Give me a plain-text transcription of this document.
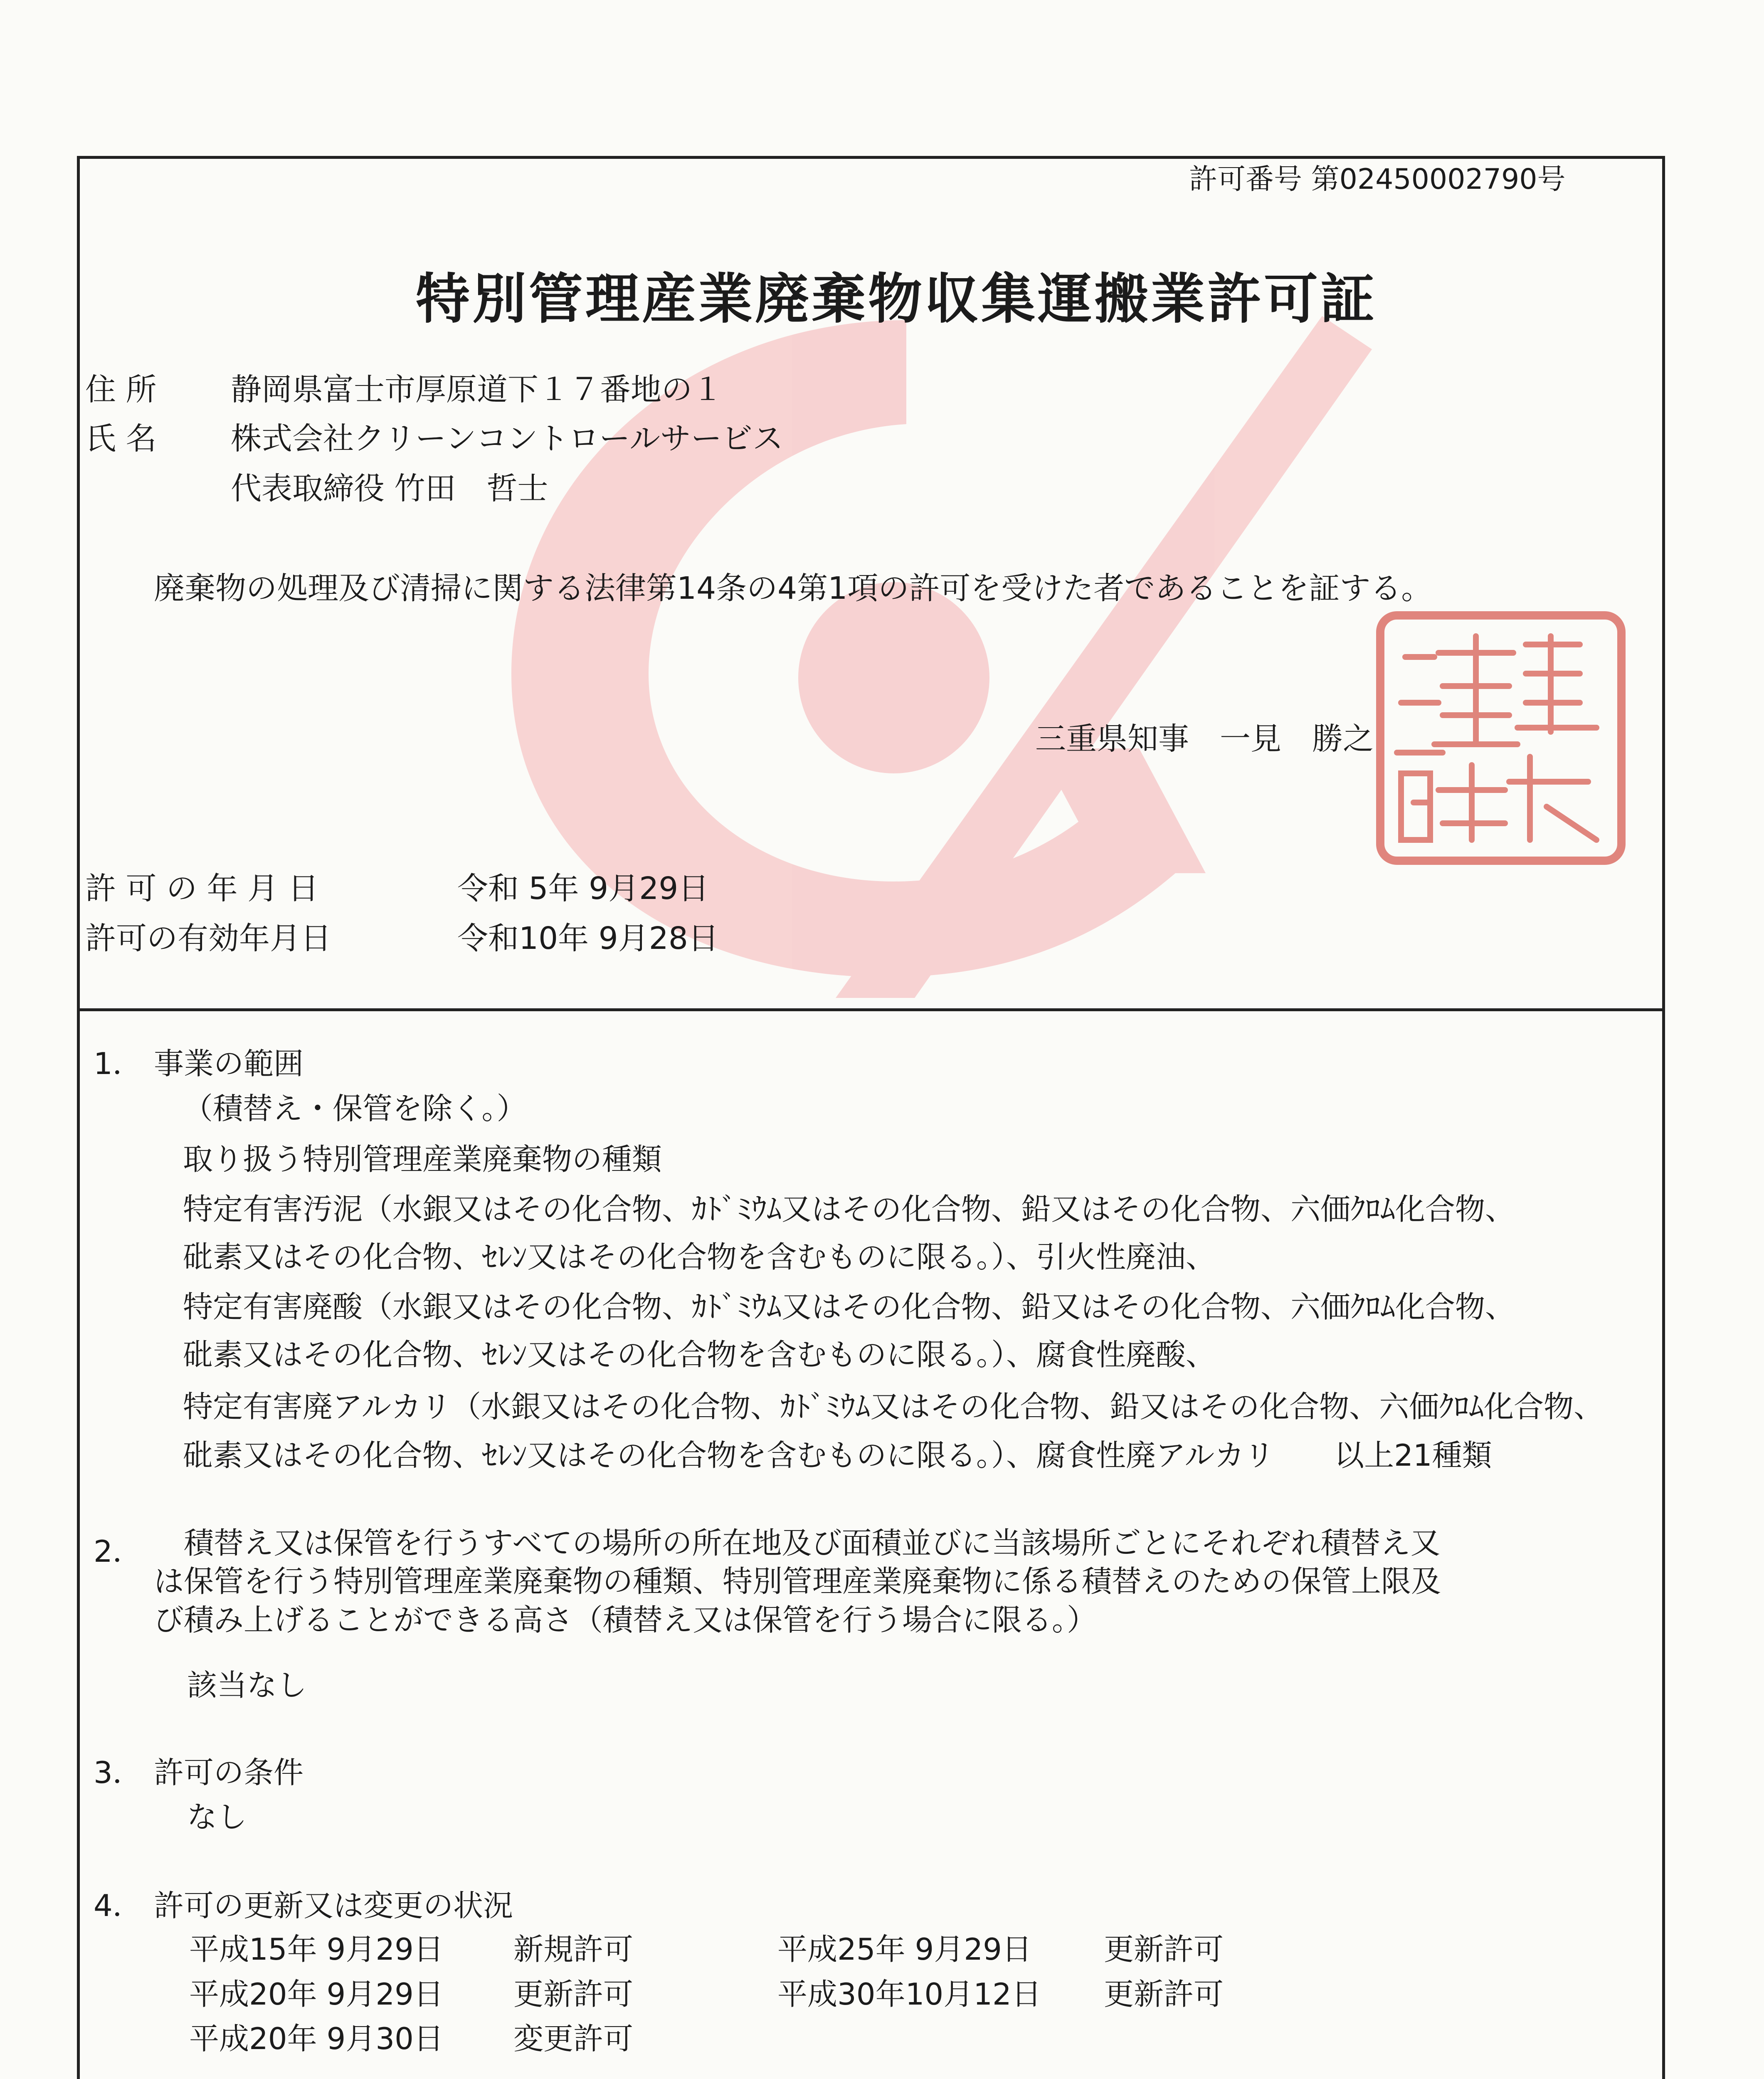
許可番号 第02450002790号
特別管理産業廃棄物収集運搬業許可証
住 所 静岡県富士市厚原道下１７番地の１
氏 名 株式会社クリーンコントロールサービス
代表取締役 竹田　哲士
廃棄物の処理及び清掃に関する法律第14条の4第1項の許可を受けた者であることを証する。
三重県知事　一見　勝之
許 可 の 年 月 日	令和 5年 9月29日
許可の有効年月日	令和10年 9月28日
1． 事業の範囲
（積替え・保管を除く。）
取り扱う特別管理産業廃棄物の種類
特定有害汚泥（水銀又はその化合物、ｶﾄﾞﾐｳﾑ又はその化合物、鉛又はその化合物、六価ｸﾛﾑ化合物、
砒素又はその化合物、ｾﾚﾝ又はその化合物を含むものに限る。）、引火性廃油、
特定有害廃酸（水銀又はその化合物、ｶﾄﾞﾐｳﾑ又はその化合物、鉛又はその化合物、六価ｸﾛﾑ化合物、
砒素又はその化合物、ｾﾚﾝ又はその化合物を含むものに限る。）、腐食性廃酸、
特定有害廃アルカリ（水銀又はその化合物、ｶﾄﾞﾐｳﾑ又はその化合物、鉛又はその化合物、六価ｸﾛﾑ化合物、
砒素又はその化合物、ｾﾚﾝ又はその化合物を含むものに限る。）、腐食性廃アルカリ　　以上21種類
2． 　積替え又は保管を行うすべての場所の所在地及び面積並びに当該場所ごとにそれぞれ積替え又
は保管を行う特別管理産業廃棄物の種類、特別管理産業廃棄物に係る積替えのための保管上限及
び積み上げることができる高さ（積替え又は保管を行う場合に限る。）
該当なし
3． 許可の条件
なし
4． 許可の更新又は変更の状況
平成15年 9月29日 新規許可
平成20年 9月29日 更新許可
平成20年 9月30日 変更許可
平成25年 9月29日 更新許可
平成30年10月12日 更新許可
